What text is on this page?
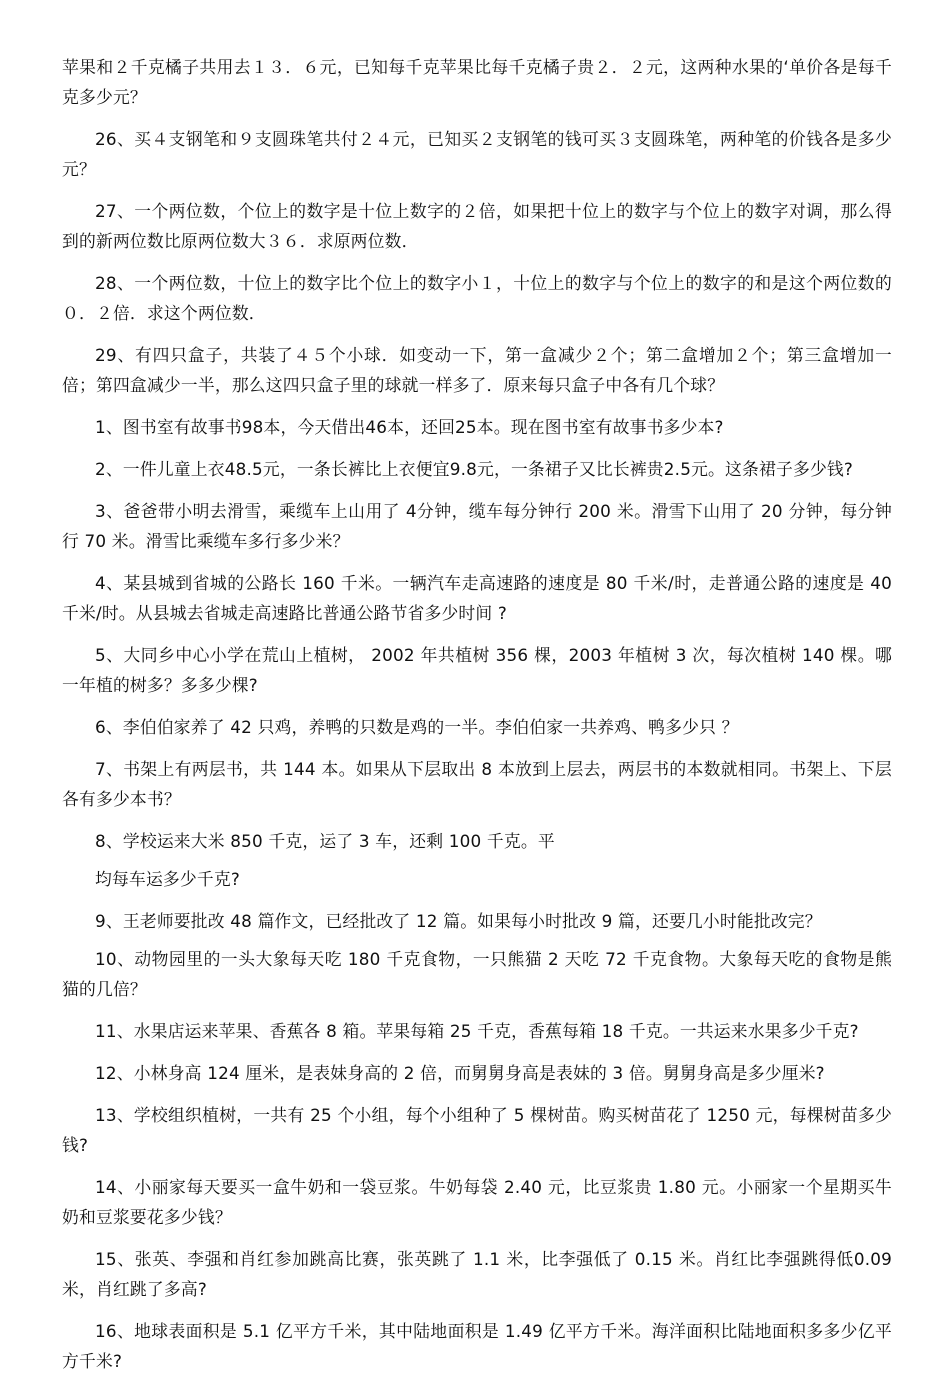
苹果和２千克橘子共用去１３．６元，已知每千克苹果比每千克橘子贵２．２元，这两种水果的‘单价各是每千克多少元？

26、买４支钢笔和９支圆珠笔共付２４元，已知买２支钢笔的钱可买３支圆珠笔，两种笔的价钱各是多少元？

27、一个两位数，个位上的数字是十位上数字的２倍，如果把十位上的数字与个位上的数字对调，那么得到的新两位数比原两位数大３６．求原两位数．

28、一个两位数，十位上的数字比个位上的数字小１，十位上的数字与个位上的数字的和是这个两位数的０．２倍．求这个两位数．

29、有四只盒子，共装了４５个小球．如变动一下，第一盒减少２个；第二盒增加２个；第三盒增加一倍；第四盒减少一半，那么这四只盒子里的球就一样多了．原来每只盒子中各有几个球？

1、图书室有故事书98本，今天借出46本，还回25本。现在图书室有故事书多少本?

2、一件儿童上衣48.5元，一条长裤比上衣便宜9.8元，一条裙子又比长裤贵2.5元。这条裙子多少钱?

3、爸爸带小明去滑雪，乘缆车上山用了 4分钟，缆车每分钟行 200 米。滑雪下山用了 20 分钟，每分钟行 70 米。滑雪比乘缆车多行多少米？

4、某县城到省城的公路长 160 千米。一辆汽车走高速路的速度是 80 千米/时，走普通公路的速度是 40 千米/时。从县城去省城走高速路比普通公路节省多少时间 ?

5、大同乡中心小学在荒山上植树， 2002 年共植树 356 棵，2003 年植树 3 次，每次植树 140 棵。哪一年植的树多？多多少棵?

6、李伯伯家养了 42 只鸡，养鸭的只数是鸡的一半。李伯伯家一共养鸡、鸭多少只 ？

7、书架上有两层书，共 144 本。如果从下层取出 8 本放到上层去，两层书的本数就相同。书架上、下层各有多少本书？

8、学校运来大米 850 千克，运了 3 车，还剩 100 千克。平

均每车运多少千克?

9、王老师要批改 48 篇作文，已经批改了 12 篇。如果每小时批改 9 篇，还要几小时能批改完？

10、动物园里的一头大象每天吃 180 千克食物，一只熊猫 2 天吃 72 千克食物。大象每天吃的食物是熊猫的几倍？

11、水果店运来苹果、香蕉各 8 箱。苹果每箱 25 千克，香蕉每箱 18 千克。一共运来水果多少千克?

12、小林身高 124 厘米，是表妹身高的 2 倍，而舅舅身高是表妹的 3 倍。舅舅身高是多少厘米?

13、学校组织植树，一共有 25 个小组，每个小组种了 5 棵树苗。购买树苗花了 1250 元，每棵树苗多少钱?

14、小丽家每天要买一盒牛奶和一袋豆浆。牛奶每袋 2.40 元，比豆浆贵 1.80 元。小丽家一个星期买牛奶和豆浆要花多少钱？

15、张英、李强和肖红参加跳高比赛，张英跳了 1.1 米，比李强低了 0.15 米。肖红比李强跳得低0.09 米，肖红跳了多高?

16、地球表面积是 5.1 亿平方千米，其中陆地面积是 1.49 亿平方千米。海洋面积比陆地面积多多少亿平方千米?
